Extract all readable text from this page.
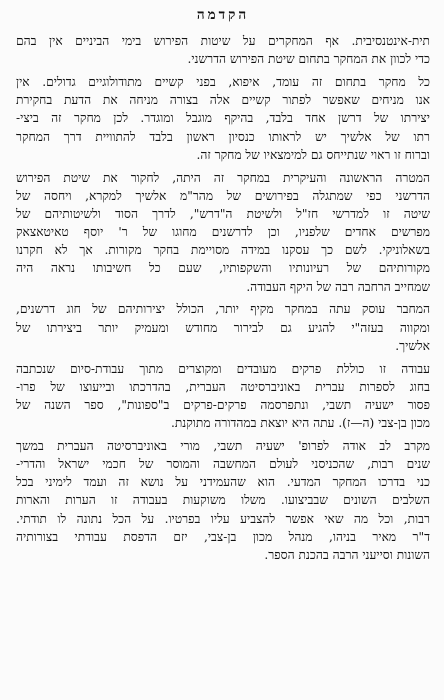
הקדמה
תית-אינטנסיבית. אף המחקרים על שיטות הפירוש בימי הביניים אין בהם
כדי לכוון את המחקר בתחום שיטת הפירוש הדרשני.
כל מחקר בתחום זה עומד, איפוא, בפני קשיים מתודולוגיים גדולים. אין
אנו מניחים שאפשר לפתור קשיים אלה בצורה מניחה את הדעת בחקירת
יצירתו של דרשן אחד בלבד, בהיקף מוגבל ומוגדר. לכן מחקר זה ביצי-
רתו של אלשיך יש לראותו כנסיון ראשון בלבד להתוויית דרך המחקר
וברוח זו ראוי שנתייחס גם למימצאיו של מחקר זה.
המטרה הראשונה והעיקרית במחקר זה היתה, לחקור את שיטת הפירוש
הדרשני כפי שמתגלה בפירושים של מהר"מ אלשיך למקרא, ויחסה של
שיטה זו למדרשי חז"ל ולשיטת ה"דרש", לדרך הסוד ולשיטותיהם של
מפרשים אחדים שלפניו, וכן לדרשנים מחוגו של ר' יוסף טאיטאצאק
בשאלוניקי. לשם כך עסקנו במידה מסויימת בחקר מקורות. אך לא חקרנו
מקורותיהם של רעיונותיו והשקפותיו, שעם כל חשיבותו נראה היה
שמחייב הרחבה רבה של היקף העבודה.
המחבר עוסק עתה במחקר מקיף יותר, הכולל יצירותיהם של חוג דרשנים,
ומקווה בעזה"י להגיע גם לבירור מחודש ומעמיק יותר ביצירתו של
אלשיך.
עבודה זו כוללת פרקים מעובדים ומקוצרים מתוך עבודת-סיום שנכתבה
בחוג לספרות עברית באוניברסיטה העברית, בהדרכתו ובייעוצו של פרו-
פסור ישעיה תשבי, ונתפרסמה פרקים-פרקים ב"ספונות", ספר השנה של
מכון בן-צבי (ה—ז). עתה היא יוצאת במהדורה מתוקנת.
מקרב לב אודה לפרופ' ישעיה תשבי, מורי באוניברסיטה העברית במשך
שנים רבות, שהכניסני לעולם המחשבה והמוסר של חכמי ישראל והדרי-
כני בדרכו המחקר המדעי. הוא שהעמידני על נושא זה ועמד לימיני בכל
השלבים השונים שבביצועו. משלו משוקעות בעבודה זו הערות והארות
רבות, וכל מה שאי אפשר להצביע עליו בפרטיו. על הכל נתונה לו תודתי.
ד"ר מאיר בניהו, מנהל מכון בן-צבי, יזם הדפסת עבודתי בצורותיה
השונות וסייעני הרבה בהכנת הספר.
